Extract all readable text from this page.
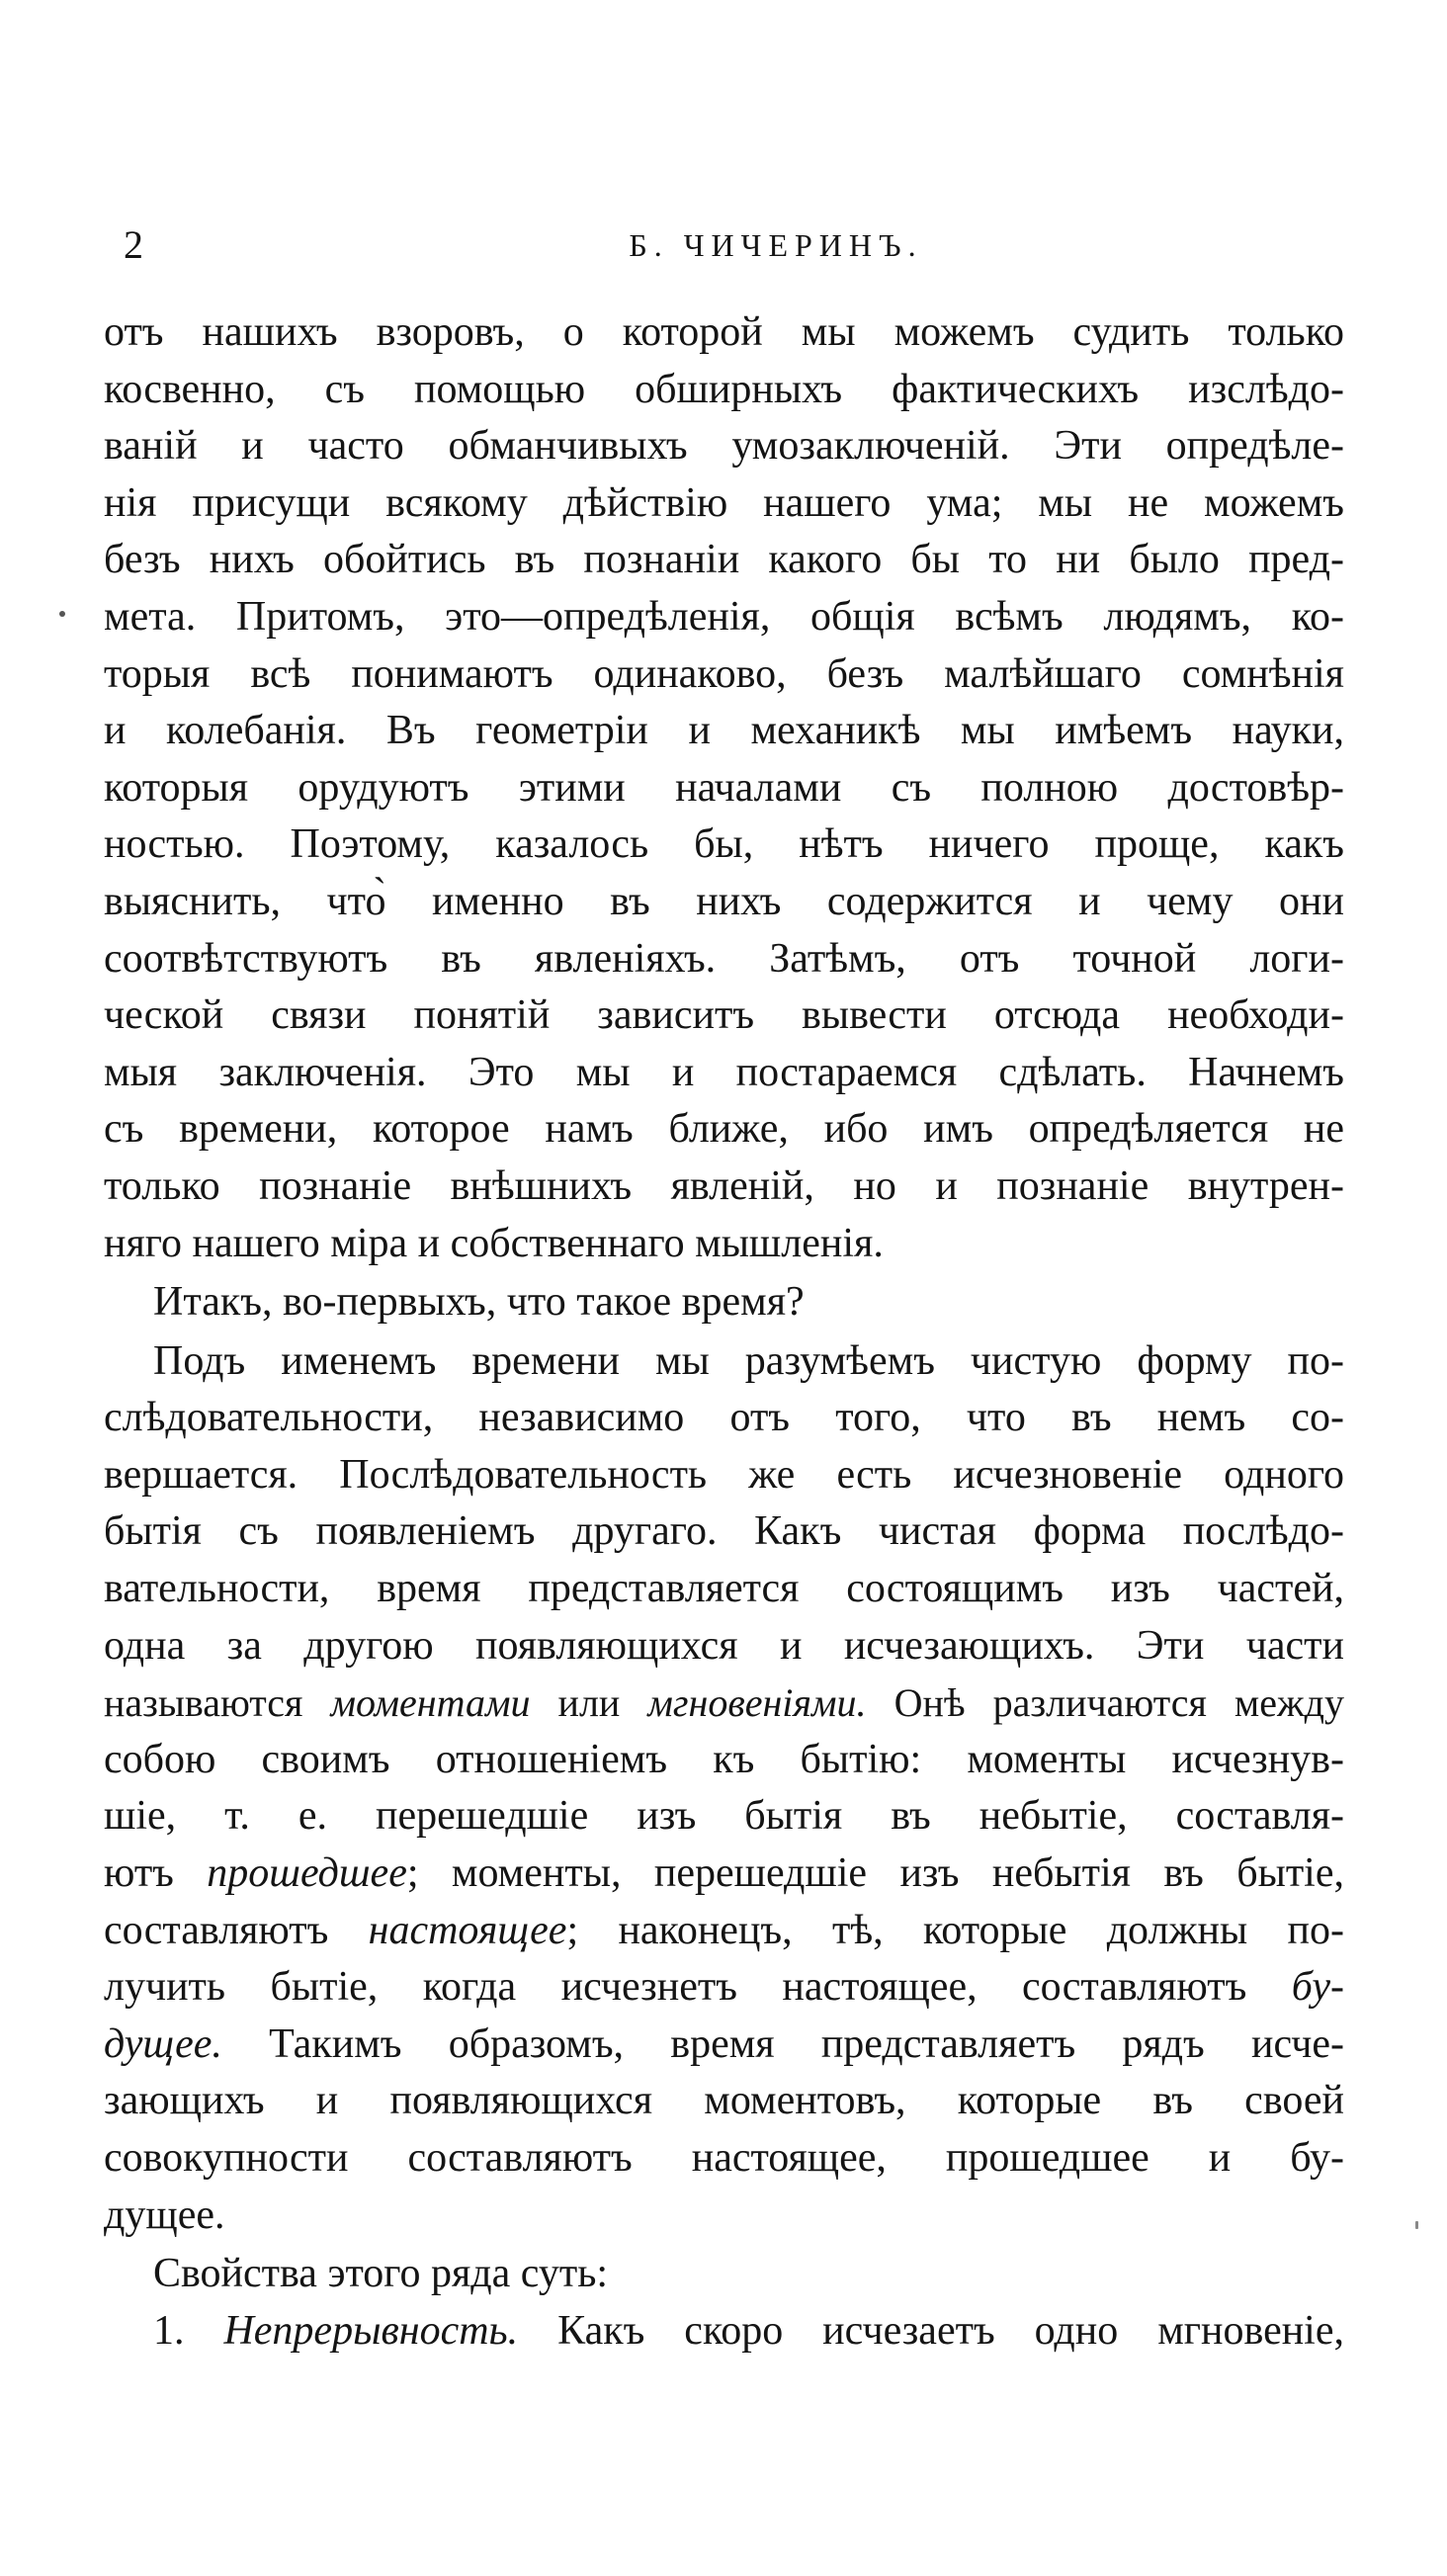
2	Б. ЧИЧЕРИНЪ.
отъ нашихъ взоровъ, о которой мы можемъ судить только
косвенно, съ помощью обширныхъ фактическихъ изслѣдо-
ванiй и часто обманчивыхъ умозаключенiй. Эти опредѣле-
нiя присущи всякому дѣйствiю нашего ума; мы не можемъ
безъ нихъ обойтись въ познанiи какого бы то ни было пред-
мета. Притомъ, это—опредѣленiя, общiя всѣмъ людямъ, ко-
торыя всѣ понимаютъ одинаково, безъ малѣйшаго сомнѣнiя
и колебанiя. Въ геометрiи и механикѣ мы имѣемъ науки,
которыя орудуютъ этими началами съ полною достовѣр-
ностью. Поэтому, казалось бы, нѣтъ ничего проще, какъ
выяснить, что̀ именно въ нихъ содержится и чему они
соотвѣтствуютъ въ явленiяхъ. Затѣмъ, отъ точной логи-
ческой связи понятiй зависитъ вывести отсюда необходи-
мыя заключенiя. Это мы и постараемся сдѣлать. Начнемъ
съ времени, которое намъ ближе, ибо имъ опредѣляется не
только познанiе внѣшнихъ явленiй, но и познанiе внутрен-
няго нашего мiра и собственнаго мышленiя.
Итакъ, во-первыхъ, что такое время?
Подъ именемъ времени мы разумѣемъ чистую форму по-
слѣдовательности, независимо отъ того, что въ немъ со-
вершается. Послѣдовательность же есть исчезновенiе одного
бытiя съ появленiемъ другаго. Какъ чистая форма послѣдо-
вательности, время представляется состоящимъ изъ частей,
одна за другою появляющихся и исчезающихъ. Эти части
называются моментами или мгновенiями. Онѣ различаются между
собою своимъ отношенiемъ къ бытiю: моменты исчезнув-
шiе, т. е. перешедшiе изъ бытiя въ небытiе, составля-
ютъ прошедшее; моменты, перешедшiе изъ небытiя въ бытiе,
составляютъ настоящее; наконецъ, тѣ, которые должны по-
лучить бытiе, когда исчезнетъ настоящее, составляютъ бу-
дущее. Такимъ образомъ, время представляетъ рядъ исче-
зающихъ и появляющихся моментовъ, которые въ своей
совокупности составляютъ настоящее, прошедшее и бу-
дущее.
Свойства этого ряда суть:
1. Непрерывность. Какъ скоро исчезаетъ одно мгновенiе,
